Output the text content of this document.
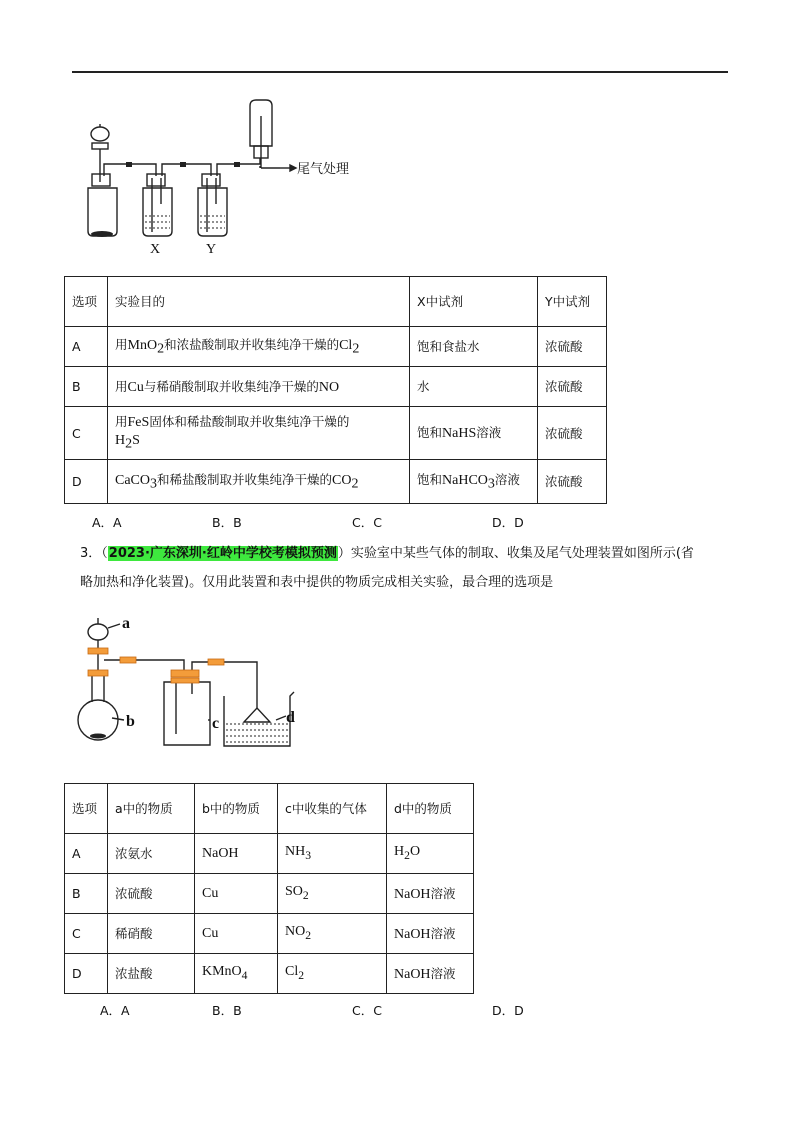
尾气处理
X	Y
选项	实验目的	X中试剂	Y中试剂
A	用MnO$_2$和浓盐酸制取并收集纯净干燥的$Cl_2$	饱和食盐水	浓硫酸
B	用Cu与稀硝酸制取并收集纯净干燥的NO	水	浓硫酸
C	用FeS固体和稀盐酸制取并收集纯净干燥的
$H_2S$	饱和NaHS溶液	浓硫酸
D	CaCO$_3$和稀盐酸制取并收集纯净干燥的$CO_2$	饱和NaHCO$_3$溶液	浓硫酸
A．A	B．B	C．C	D．D
3．（2023·广东深圳·红岭中学校考模拟预测）实验室中某些气体的制取、收集及尾气处理装置如图所示(省
略加热和净化装置)。仅用此装置和表中提供的物质完成相关实验，最合理的选项是
a
b	c	d
选项	a中的物质	b中的物质	c中收集的气体	d中的物质
A	浓氨水	NaOH	$NH_3$	$H_2O$
B	浓硫酸	Cu	$SO_2$	NaOH溶液
C	稀硝酸	Cu	$NO_2$	NaOH溶液
D	浓盐酸	KMnO$_4$	$Cl_2$	NaOH溶液
A．A	B．B	C．C	D．D
